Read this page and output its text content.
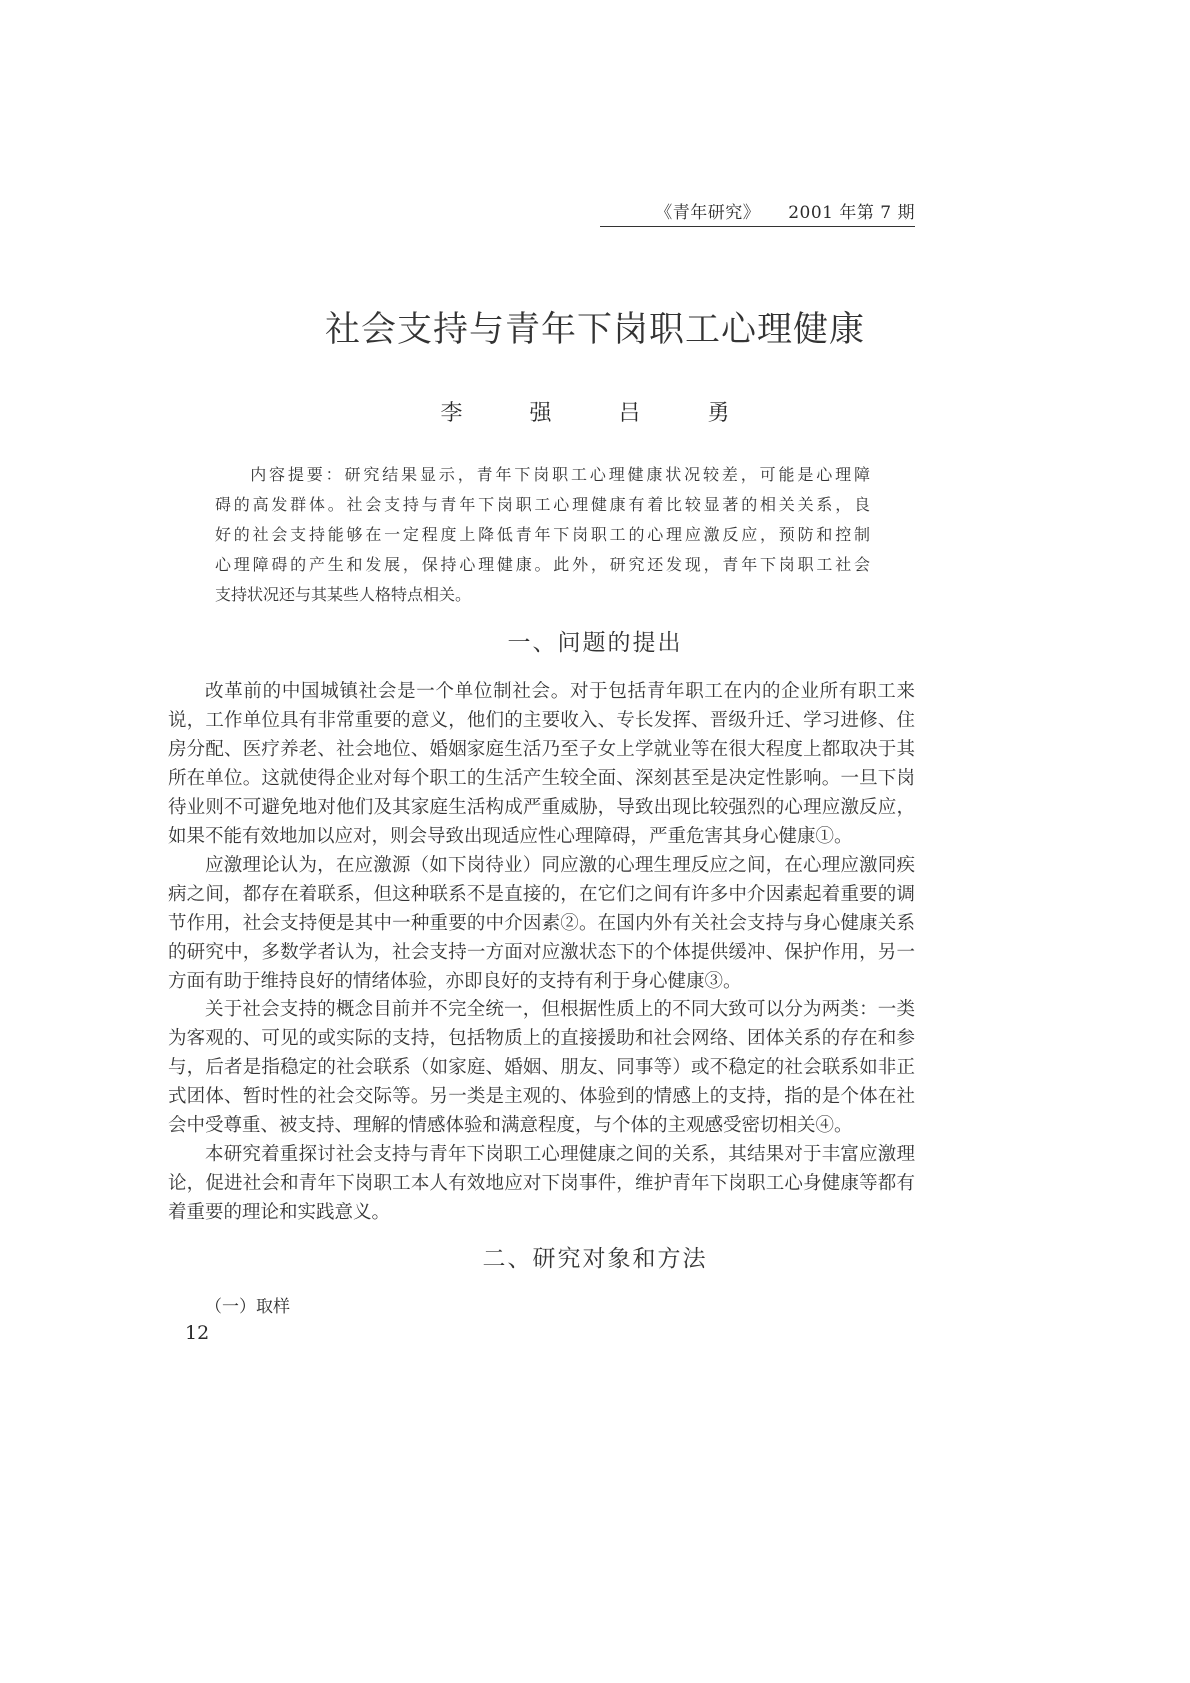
《青年研究》 2001 年第 7 期
社会支持与青年下岗职工心理健康
李 强 吕 勇
内容提要：研究结果显示，青年下岗职工心理健康状况较差，可能是心理障
碍的高发群体。社会支持与青年下岗职工心理健康有着比较显著的相关关系，良
好的社会支持能够在一定程度上降低青年下岗职工的心理应激反应，预防和控制
心理障碍的产生和发展，保持心理健康。此外，研究还发现，青年下岗职工社会
支持状况还与其某些人格特点相关。
一、问题的提出
改革前的中国城镇社会是一个单位制社会。对于包括青年职工在内的企业所有职工来
说，工作单位具有非常重要的意义，他们的主要收入、专长发挥、晋级升迁、学习进修、住
房分配、医疗养老、社会地位、婚姻家庭生活乃至子女上学就业等在很大程度上都取决于其
所在单位。这就使得企业对每个职工的生活产生较全面、深刻甚至是决定性影响。一旦下岗
待业则不可避免地对他们及其家庭生活构成严重威胁，导致出现比较强烈的心理应激反应，
如果不能有效地加以应对，则会导致出现适应性心理障碍，严重危害其身心健康①。
应激理论认为，在应激源（如下岗待业）同应激的心理生理反应之间，在心理应激同疾
病之间，都存在着联系，但这种联系不是直接的，在它们之间有许多中介因素起着重要的调
节作用，社会支持便是其中一种重要的中介因素②。在国内外有关社会支持与身心健康关系
的研究中，多数学者认为，社会支持一方面对应激状态下的个体提供缓冲、保护作用，另一
方面有助于维持良好的情绪体验，亦即良好的支持有利于身心健康③。
关于社会支持的概念目前并不完全统一，但根据性质上的不同大致可以分为两类：一类
为客观的、可见的或实际的支持，包括物质上的直接援助和社会网络、团体关系的存在和参
与，后者是指稳定的社会联系（如家庭、婚姻、朋友、同事等）或不稳定的社会联系如非正
式团体、暂时性的社会交际等。另一类是主观的、体验到的情感上的支持，指的是个体在社
会中受尊重、被支持、理解的情感体验和满意程度，与个体的主观感受密切相关④。
本研究着重探讨社会支持与青年下岗职工心理健康之间的关系，其结果对于丰富应激理
论，促进社会和青年下岗职工本人有效地应对下岗事件，维护青年下岗职工心身健康等都有
着重要的理论和实践意义。
二、研究对象和方法
（一）取样
12
